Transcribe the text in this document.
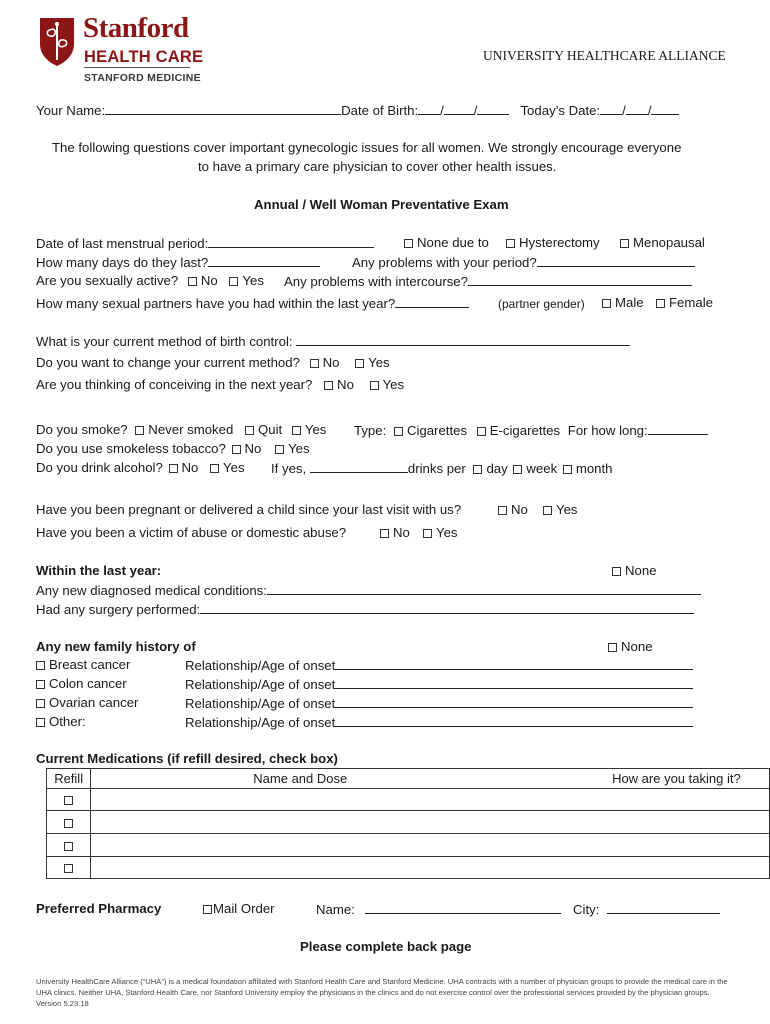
Stanford
HEALTH CARE
STANFORD MEDICINE
UNIVERSITY HEALTHCARE ALLIANCE
Your Name:	Date of Birth: / /	Today’s Date: / /
The following questions cover important gynecologic issues for all women. We strongly encourage everyone
to have a primary care physician to cover other health issues.
Annual / Well Woman Preventative Exam
Date of last menstrual period:	None due to	Hysterectomy	Menopausal
How many days do they last?	Any problems with your period?
Are you sexually active? No Yes Any problems with intercourse?
How many sexual partners have you had within the last year?	(partner gender)	Male	Female
What is your current method of birth control:
Do you want to change your current method? No Yes
Are you thinking of conceiving in the next year? No Yes
Do you smoke? Never smoked Quit Yes Type: Cigarettes E-cigarettes For how long:
Do you use smokeless tobacco? No Yes
Do you drink alcohol? No Yes If yes,	drinks per day week month
Have you been pregnant or delivered a child since your last visit with us?	No	Yes
Have you been a victim of abuse or domestic abuse?	No	Yes
Within the last year:	None
Any new diagnosed medical conditions:
Had any surgery performed:
Any new family history of	None
Breast cancer	Relationship/Age of onset
Colon cancer	Relationship/Age of onset
Ovarian cancer	Relationship/Age of onset
Other:	Relationship/Age of onset
Current Medications (if refill desired, check box)
Refill	Name and Dose	How are you taking it?

Preferred Pharmacy	Mail Order	Name:	City:
Please complete back page
University HealthCare Alliance (“UHA”) is a medical foundation affiliated with Stanford Health Care and Stanford Medicine. UHA contracts with a number of physician groups to provide the medical care in the UHA clinics. Neither UHA, Stanford Health Care, nor Stanford University employ the physicians in the clinics and do not exercise control over the professional services provided by the physician groups.
Version 5.23.18
